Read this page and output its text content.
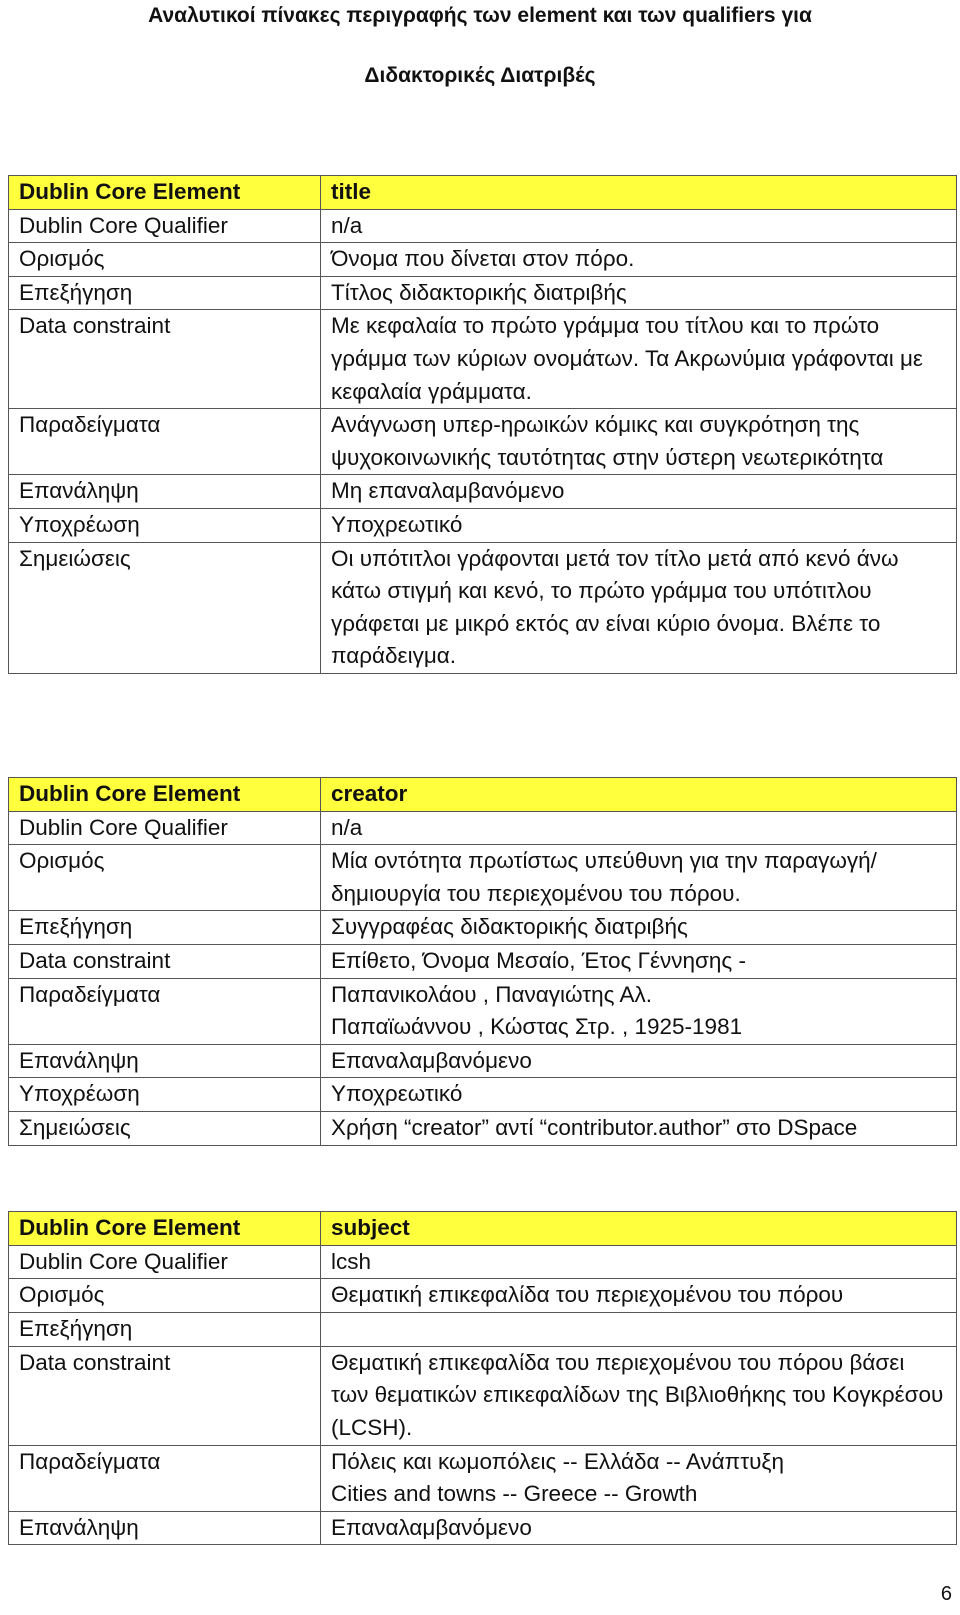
Αναλυτικοί πίνακες περιγραφής των element και των qualifiers για
Διδακτορικές Διατριβές
Dublin Core Element	title
Dublin Core Qualifier	n/a
Ορισμός	Όνομα που δίνεται στον πόρο.
Επεξήγηση	Τίτλος διδακτορικής διατριβής
Data constraint	Με κεφαλαία το πρώτο γράμμα του τίτλου και το πρώτο γράμμα των κύριων ονομάτων. Τα Ακρωνύμια γράφονται με κεφαλαία γράμματα.
Παραδείγματα	Ανάγνωση υπερ-ηρωικών κόμικς και συγκρότηση της ψυχοκοινωνικής ταυτότητας στην ύστερη νεωτερικότητα
Επανάληψη	Μη επαναλαμβανόμενο
Υποχρέωση	Υποχρεωτικό
Σημειώσεις	Οι υπότιτλοι γράφονται μετά τον τίτλο μετά από κενό άνω κάτω στιγμή και κενό, το πρώτο γράμμα του υπότιτλου γράφεται με μικρό εκτός αν είναι κύριο όνομα. Βλέπε το παράδειγμα.
Dublin Core Element	creator
Dublin Core Qualifier	n/a
Ορισμός	Μία οντότητα πρωτίστως υπεύθυνη για την παραγωγή/ δημιουργία του περιεχομένου του πόρου.
Επεξήγηση	Συγγραφέας διδακτορικής διατριβής
Data constraint	Επίθετο, Όνομα Μεσαίο, Έτος Γέννησης -
Παραδείγματα	Παπανικολάου , Παναγιώτης Αλ.
Παπαϊωάννου , Κώστας Στρ. , 1925-1981

Επανάληψη	Επαναλαμβανόμενο
Υποχρέωση	Υποχρεωτικό
Σημειώσεις	Χρήση “creator” αντί “contributor.author” στο DSpace
Dublin Core Element	subject
Dublin Core Qualifier	lcsh
Ορισμός	Θεματική επικεφαλίδα του περιεχομένου του πόρου
Επεξήγηση	
Data constraint	Θεματική επικεφαλίδα του περιεχομένου του πόρου βάσει των θεματικών επικεφαλίδων της Βιβλιοθήκης του Κογκρέσου (LCSH).
Παραδείγματα	Πόλεις και κωμοπόλεις -- Ελλάδα -- Ανάπτυξη
Cities and towns -- Greece -- Growth

Επανάληψη	Επαναλαμβανόμενο
6
